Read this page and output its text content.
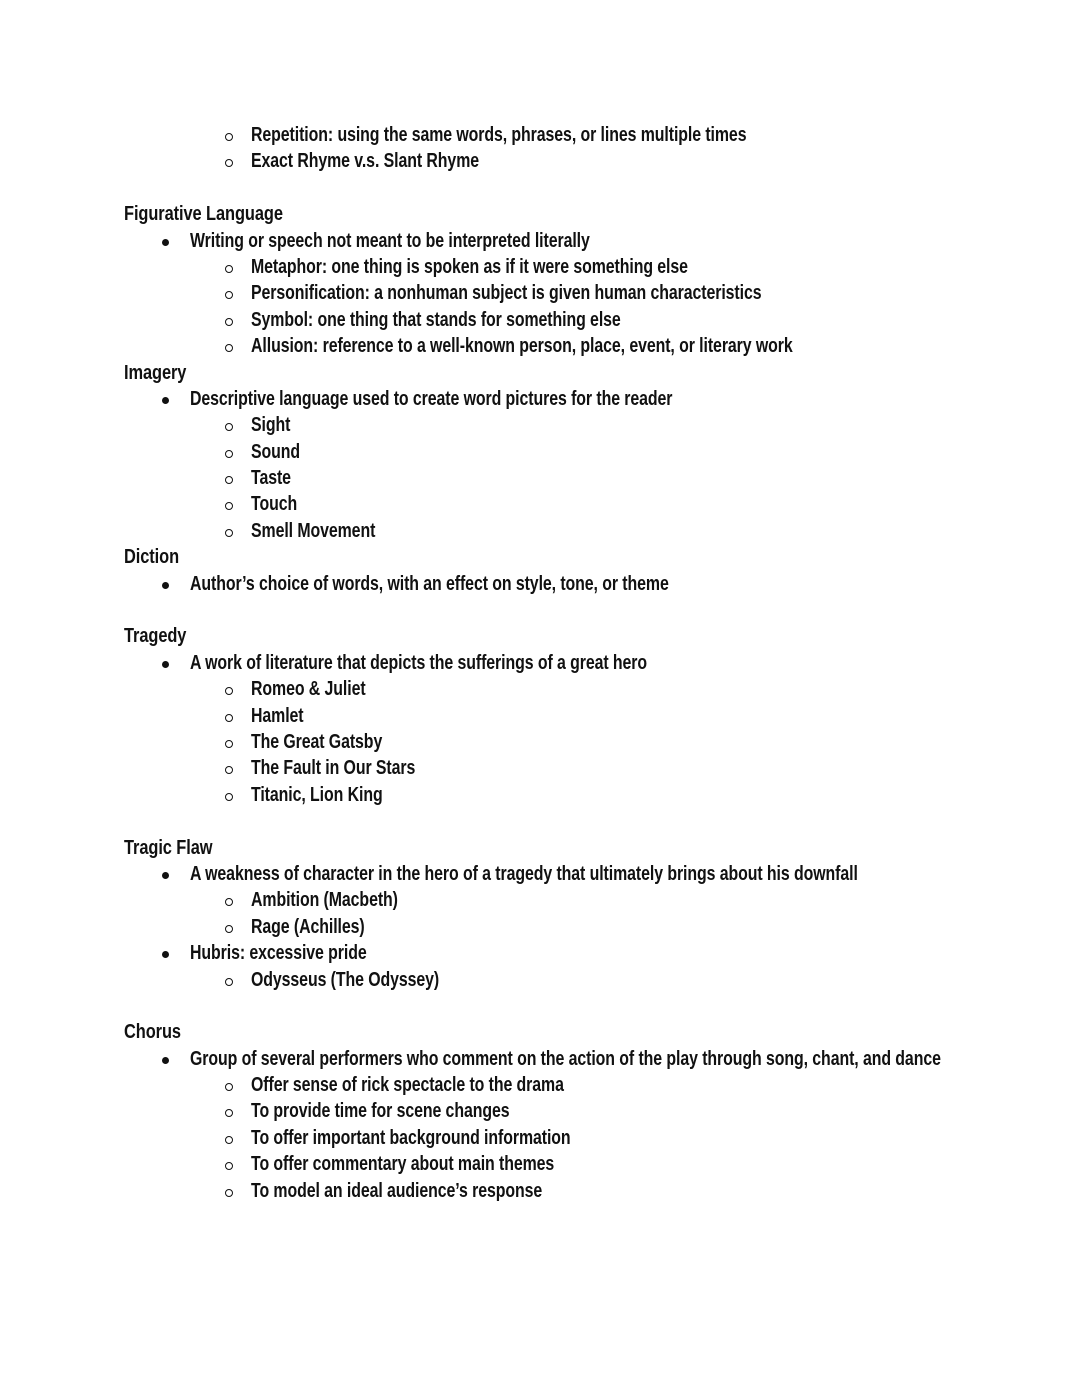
Repetition: using the same words, phrases, or lines multiple times
Exact Rhyme v.s. Slant Rhyme
Figurative Language
Writing or speech not meant to be interpreted literally
Metaphor: one thing is spoken as if it were something else
Personification: a nonhuman subject is given human characteristics
Symbol: one thing that stands for something else
Allusion: reference to a well-known person, place, event, or literary work
Imagery
Descriptive language used to create word pictures for the reader
Sight
Sound
Taste
Touch
Smell Movement
Diction
Author’s choice of words, with an effect on style, tone, or theme
Tragedy
A work of literature that depicts the sufferings of a great hero
Romeo & Juliet
Hamlet
The Great Gatsby
The Fault in Our Stars
Titanic, Lion King
Tragic Flaw
A weakness of character in the hero of a tragedy that ultimately brings about his downfall
Ambition (Macbeth)
Rage (Achilles)
Hubris: excessive pride
Odysseus (The Odyssey)
Chorus
Group of several performers who comment on the action of the play through song, chant, and dance
Offer sense of rick spectacle to the drama
To provide time for scene changes
To offer important background information
To offer commentary about main themes
To model an ideal audience’s response
